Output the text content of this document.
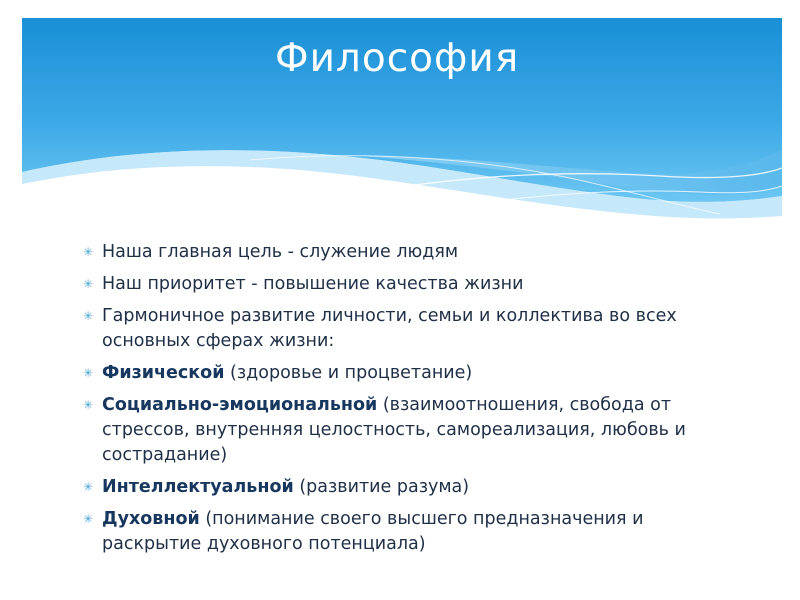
Философия
✳ Наша главная цель - служение людям
✳ Наш приоритет - повышение качества жизни
✳ Гармоничное развитие личности, семьи и коллектива во всех основных сферах жизни:
✳ Физической (здоровье и процветание)
✳ Социально-эмоциональной (взаимоотношения, свобода от стрессов, внутренняя целостность, самореализация, любовь и сострадание)
✳ Интеллектуальной (развитие разума)
✳ Духовной (понимание своего высшего предназначения и раскрытие духовного потенциала)
